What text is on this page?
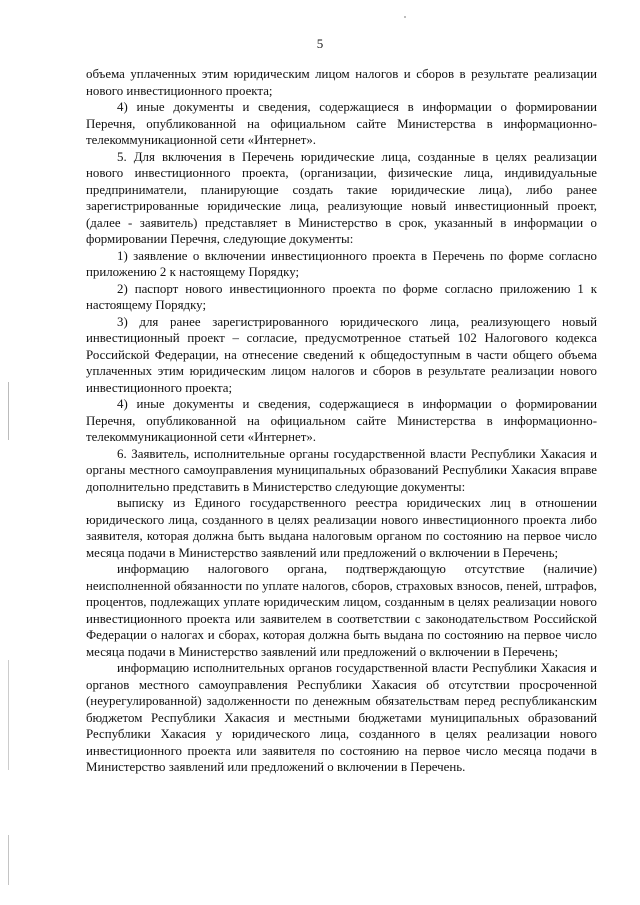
5

объема уплаченных этим юридическим лицом налогов и сборов в результате реализации нового инвестиционного проекта;

4) иные документы и сведения, содержащиеся в информации о формировании Перечня, опубликованной на официальном сайте Министерства в информационно-телекоммуникационной сети «Интернет».

5. Для включения в Перечень юридические лица, созданные в целях реализации нового инвестиционного проекта, (организации, физические лица, индивидуальные предприниматели, планирующие создать такие юридические лица), либо ранее зарегистрированные юридические лица, реализующие новый инвестиционный проект, (далее - заявитель) представляет в Министерство в срок, указанный в информации о формировании Перечня, следующие документы:

1) заявление о включении инвестиционного проекта в Перечень по форме согласно приложению 2 к настоящему Порядку;

2) паспорт нового инвестиционного проекта по форме согласно приложению 1 к настоящему Порядку;

3) для ранее зарегистрированного юридического лица, реализующего новый инвестиционный проект – согласие, предусмотренное статьей 102 Налогового кодекса Российской Федерации, на отнесение сведений к общедоступным в части общего объема уплаченных этим юридическим лицом налогов и сборов в результате реализации нового инвестиционного проекта;

4) иные документы и сведения, содержащиеся в информации о формировании Перечня, опубликованной на официальном сайте Министерства в информационно-телекоммуникационной сети «Интернет».

6. Заявитель, исполнительные органы государственной власти Республики Хакасия и органы местного самоуправления муниципальных образований Республики Хакасия вправе дополнительно представить в Министерство следующие документы:

выписку из Единого государственного реестра юридических лиц в отношении юридического лица, созданного в целях реализации нового инвестиционного проекта либо заявителя, которая должна быть выдана налоговым органом по состоянию на первое число месяца подачи в Министерство заявлений или предложений о включении в Перечень;

информацию налогового органа, подтверждающую отсутствие (наличие) неисполненной обязанности по уплате налогов, сборов, страховых взносов, пеней, штрафов, процентов, подлежащих уплате юридическим лицом, созданным в целях реализации нового инвестиционного проекта или заявителем в соответствии с законодательством Российской Федерации о налогах и сборах, которая должна быть выдана по состоянию на первое число месяца подачи в Министерство заявлений или предложений о включении в Перечень;

информацию исполнительных органов государственной власти Республики Хакасия и органов местного самоуправления Республики Хакасия об отсутствии просроченной (неурегулированной) задолженности по денежным обязательствам перед республиканским бюджетом Республики Хакасия и местными бюджетами муниципальных образований Республики Хакасия у юридического лица, созданного в целях реализации нового инвестиционного проекта или заявителя по состоянию на первое число месяца подачи в Министерство заявлений или предложений о включении в Перечень.
